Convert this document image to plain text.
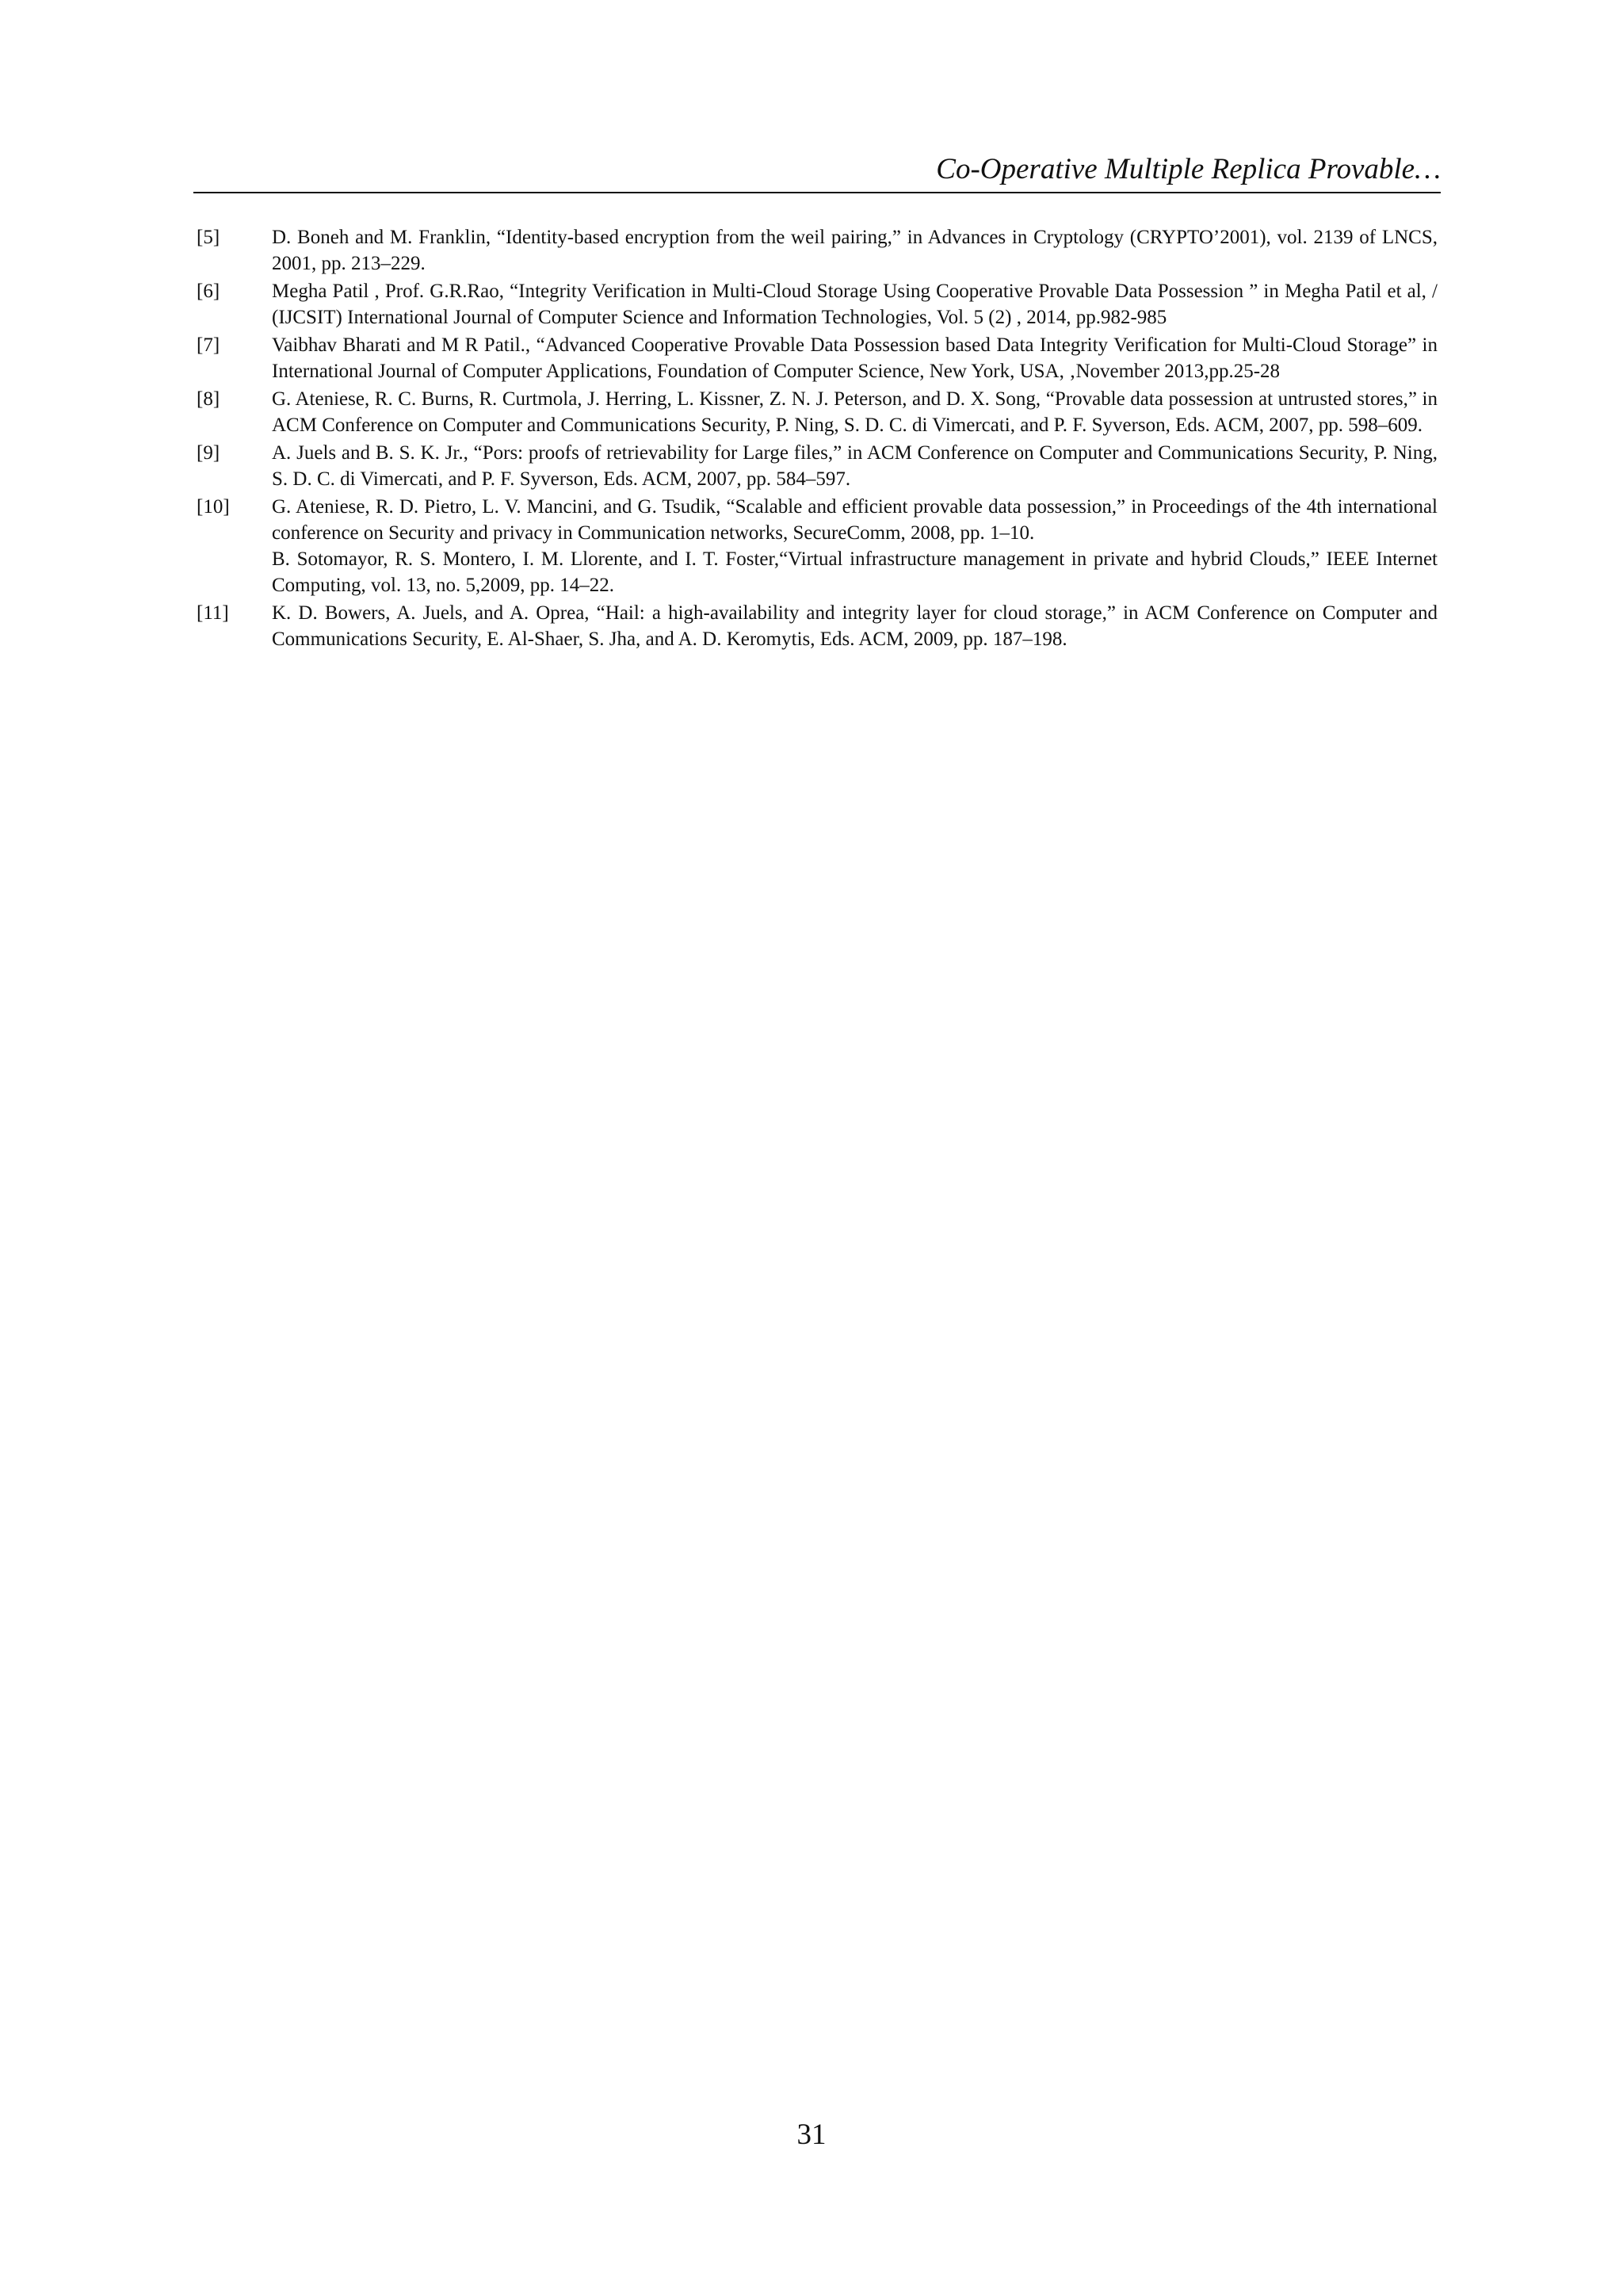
Co-Operative Multiple Replica Provable…
[5]	D. Boneh and M. Franklin, “Identity-based encryption from the weil pairing,” in Advances in Cryptology (CRYPTO’2001), vol. 2139 of LNCS, 2001, pp. 213–229.
[6]	Megha Patil , Prof. G.R.Rao, “Integrity Verification in Multi-Cloud Storage Using Cooperative Provable Data Possession ” in Megha Patil et al, / (IJCSIT) International Journal of Computer Science and Information Technologies, Vol. 5 (2) , 2014, pp.982-985
[7]	Vaibhav Bharati and M R Patil., “Advanced Cooperative Provable Data Possession based Data Integrity Verification for Multi-Cloud Storage” in International Journal of Computer Applications, Foundation of Computer Science, New York, USA, ‚November 2013,pp.25-28
[8]	G. Ateniese, R. C. Burns, R. Curtmola, J. Herring, L. Kissner, Z. N. J. Peterson, and D. X. Song, “Provable data possession at untrusted stores,” in ACM Conference on Computer and Communications Security, P. Ning, S. D. C. di Vimercati, and P. F. Syverson, Eds. ACM, 2007, pp. 598–609.
[9]	A. Juels and B. S. K. Jr., “Pors: proofs of retrievability for Large files,” in ACM Conference on Computer and Communications Security, P. Ning, S. D. C. di Vimercati, and P. F. Syverson, Eds. ACM, 2007, pp. 584–597.
[10]	G. Ateniese, R. D. Pietro, L. V. Mancini, and G. Tsudik, “Scalable and efficient provable data possession,” in Proceedings of the 4th international conference on Security and privacy in Communication networks, SecureComm, 2008, pp. 1–10.
B. Sotomayor, R. S. Montero, I. M. Llorente, and I. T. Foster,“Virtual infrastructure management in private and hybrid Clouds,” IEEE Internet Computing, vol. 13, no. 5,2009, pp. 14–22.
[11]	K. D. Bowers, A. Juels, and A. Oprea, “Hail: a high-availability and integrity layer for cloud storage,” in ACM Conference on Computer and Communications Security, E. Al-Shaer, S. Jha, and A. D. Keromytis, Eds. ACM, 2009, pp. 187–198.
31
